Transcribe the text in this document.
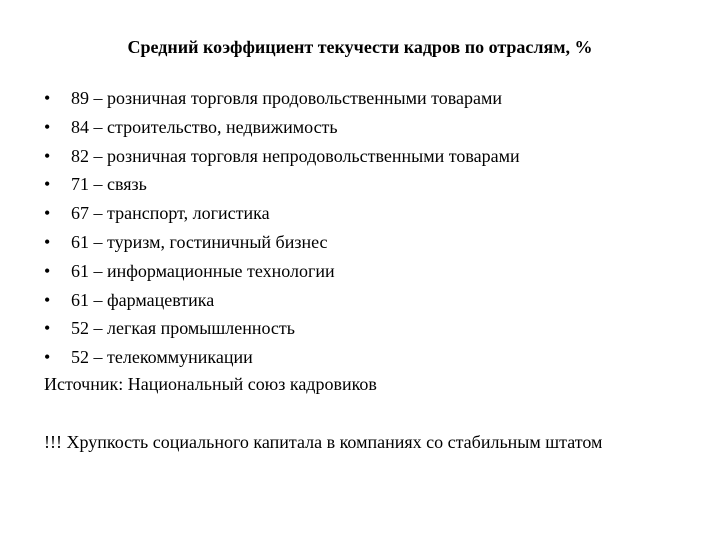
Средний коэффициент текучести кадров по отраслям, %
•	89 – розничная торговля продовольственными товарами
•	84 – строительство, недвижимость
•	82 – розничная торговля непродовольственными товарами
•	71 – связь
•	67 – транспорт, логистика
•	61 – туризм, гостиничный бизнес
•	61 – информационные технологии
•	61 – фармацевтика
•	52 – легкая промышленность
•	52 – телекоммуникации
Источник: Национальный союз кадровиков
!!! Хрупкость социального капитала в компаниях со стабильным штатом
